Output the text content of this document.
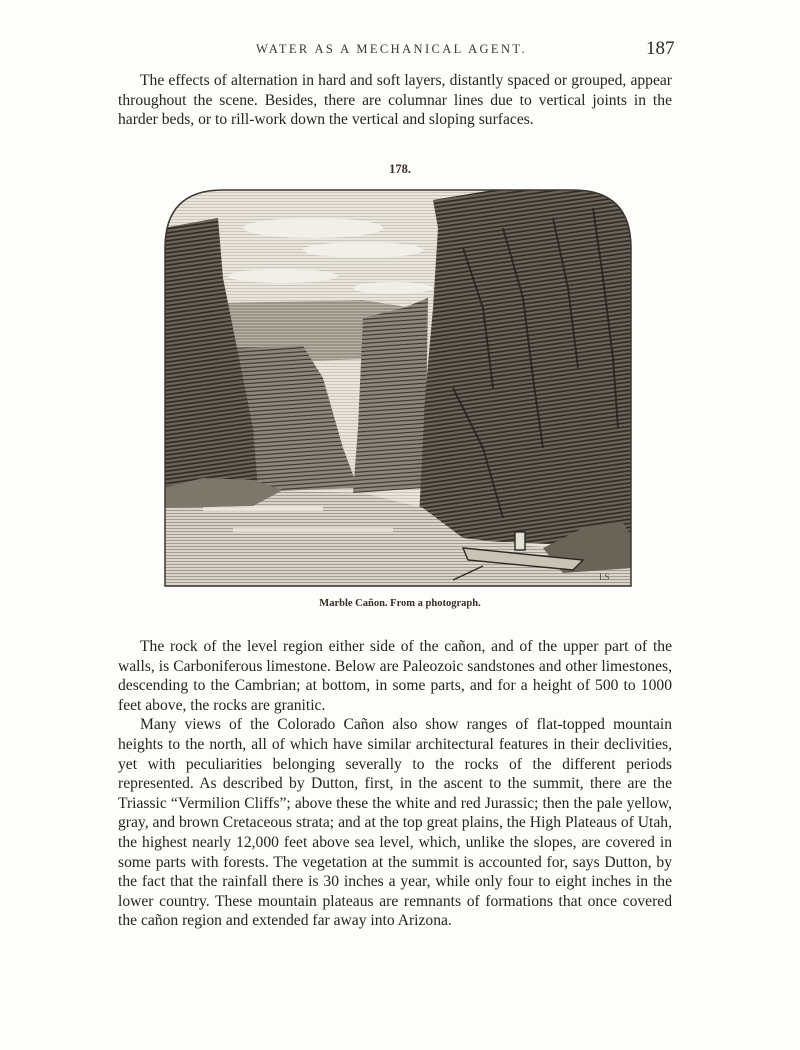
WATER AS A MECHANICAL AGENT.	187

The effects of alternation in hard and soft layers, distantly spaced or grouped, appear throughout the scene. Besides, there are columnar lines due to vertical joints in the harder beds, or to rill-work down the vertical and sloping surfaces.

178.
LS
Marble Cañon. From a photograph.

The rock of the level region either side of the cañon, and of the upper part of the walls, is Carboniferous limestone. Below are Paleozoic sandstones and other limestones, descending to the Cambrian; at bottom, in some parts, and for a height of 500 to 1000 feet above, the rocks are granitic.

Many views of the Colorado Cañon also show ranges of flat-topped mountain heights to the north, all of which have similar architectural features in their declivities, yet with peculiarities belonging severally to the rocks of the different periods represented. As described by Dutton, first, in the ascent to the summit, there are the Triassic “Vermilion Cliffs”; above these the white and red Jurassic; then the pale yellow, gray, and brown Cretaceous strata; and at the top great plains, the High Plateaus of Utah, the highest nearly 12,000 feet above sea level, which, unlike the slopes, are covered in some parts with forests. The vegetation at the summit is accounted for, says Dutton, by the fact that the rainfall there is 30 inches a year, while only four to eight inches in the lower country. These mountain plateaus are remnants of formations that once covered the cañon region and extended far away into Arizona.
